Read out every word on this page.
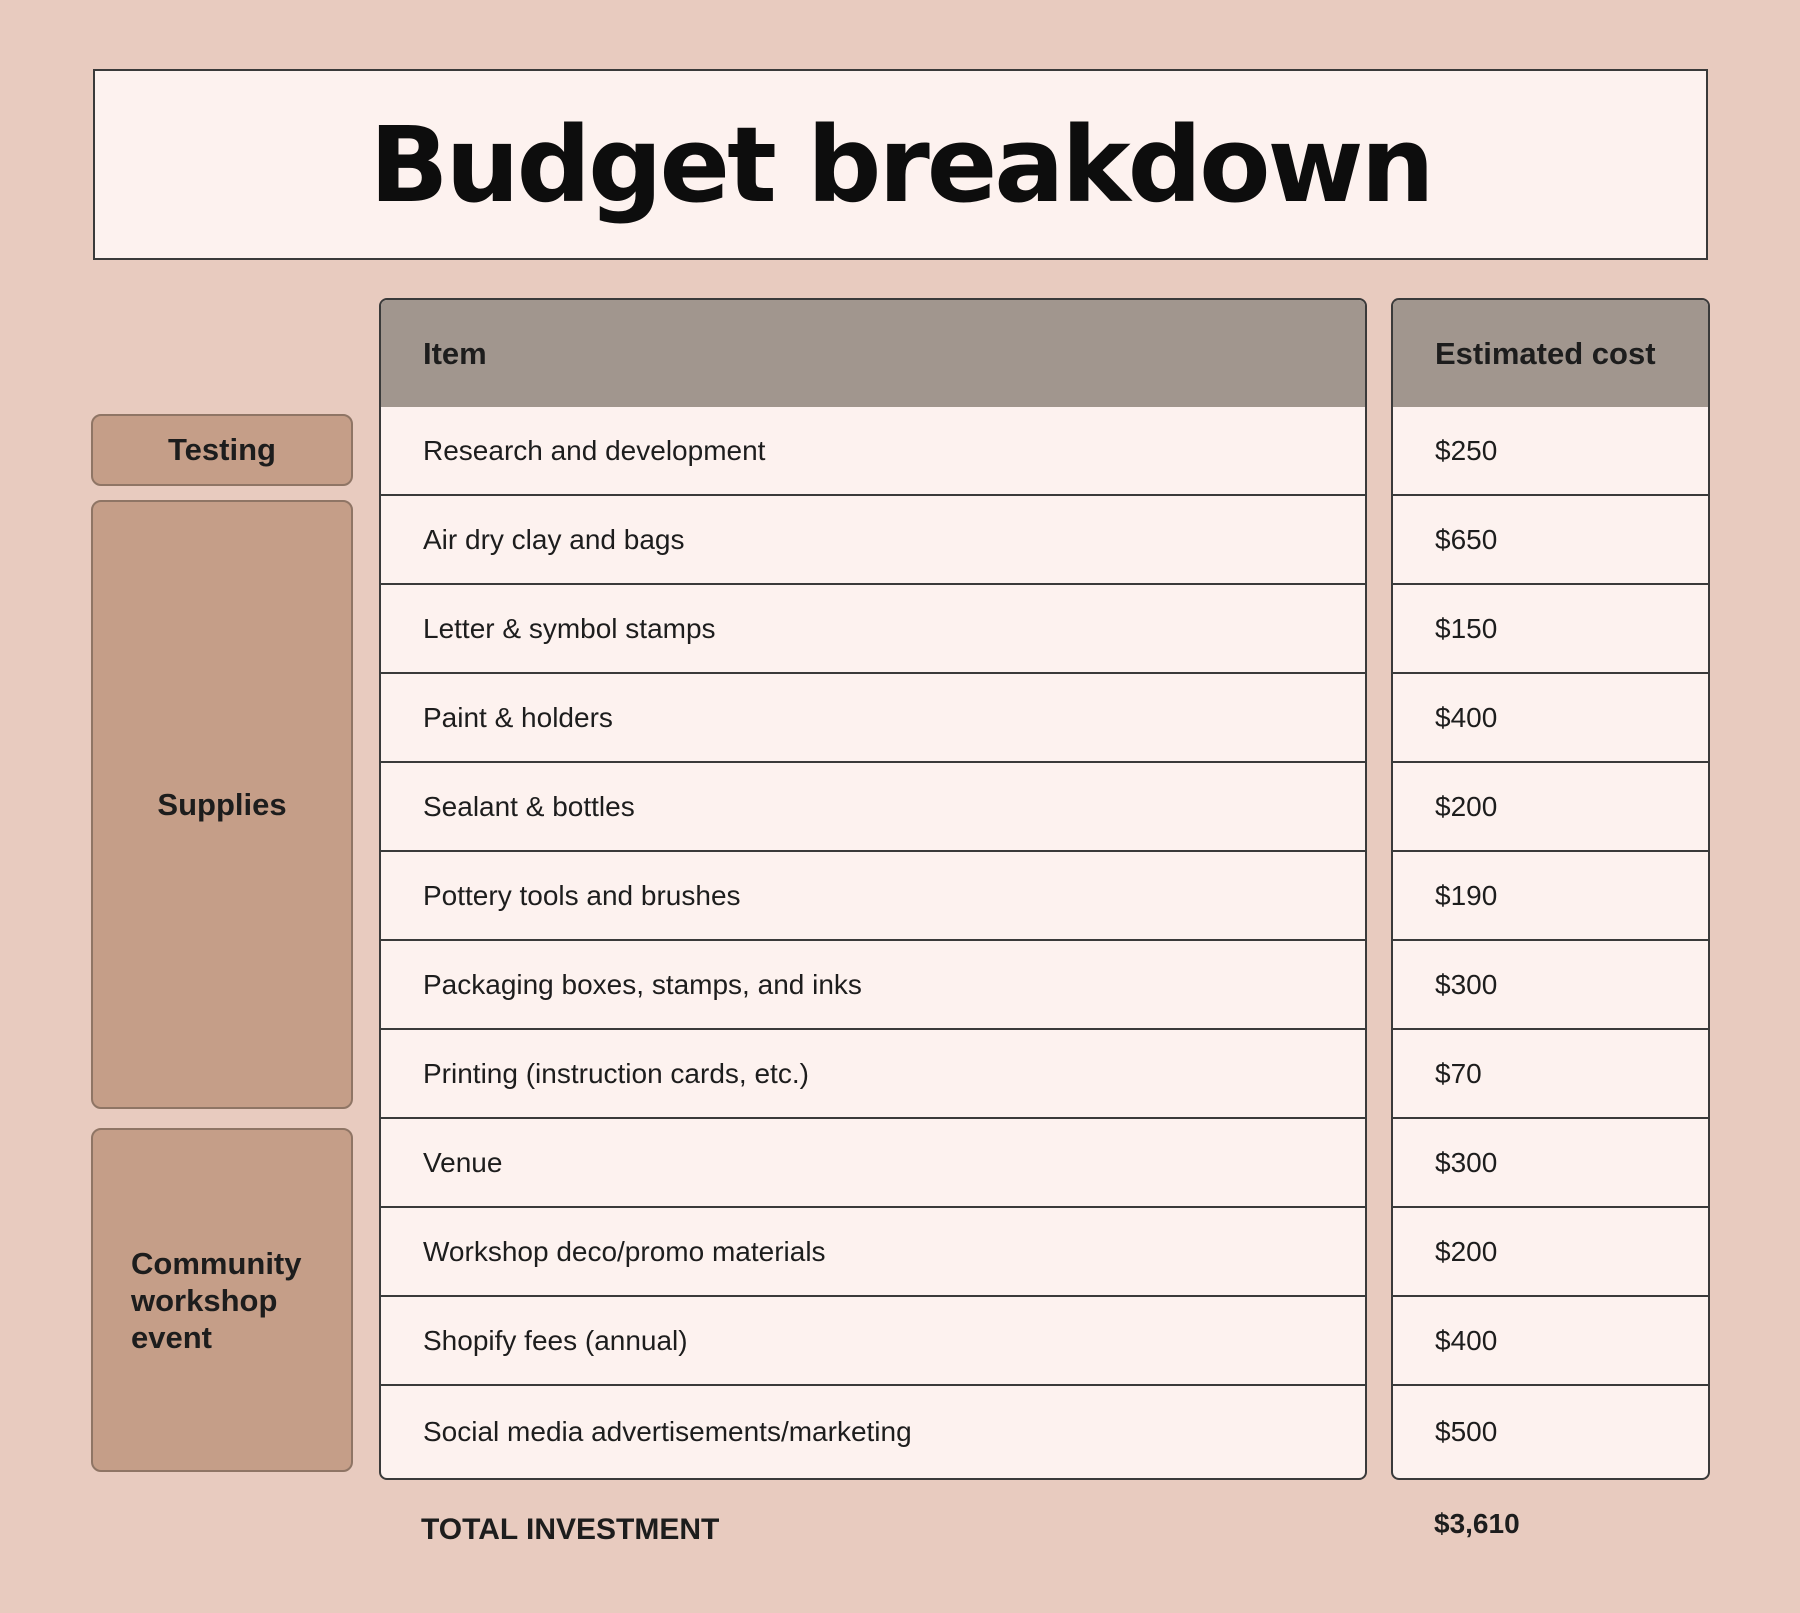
Budget breakdown
Testing
Supplies
Community workshop event
Item
Research and development
Air dry clay and bags
Letter & symbol stamps
Paint & holders
Sealant & bottles
Pottery tools and brushes
Packaging boxes, stamps, and inks
Printing (instruction cards, etc.)
Venue
Workshop deco/promo materials
Shopify fees (annual)
Social media advertisements/marketing
Estimated cost
$250
$650
$150
$400
$200
$190
$300
$70
$300
$200
$400
$500
TOTAL INVESTMENT	$3,610
